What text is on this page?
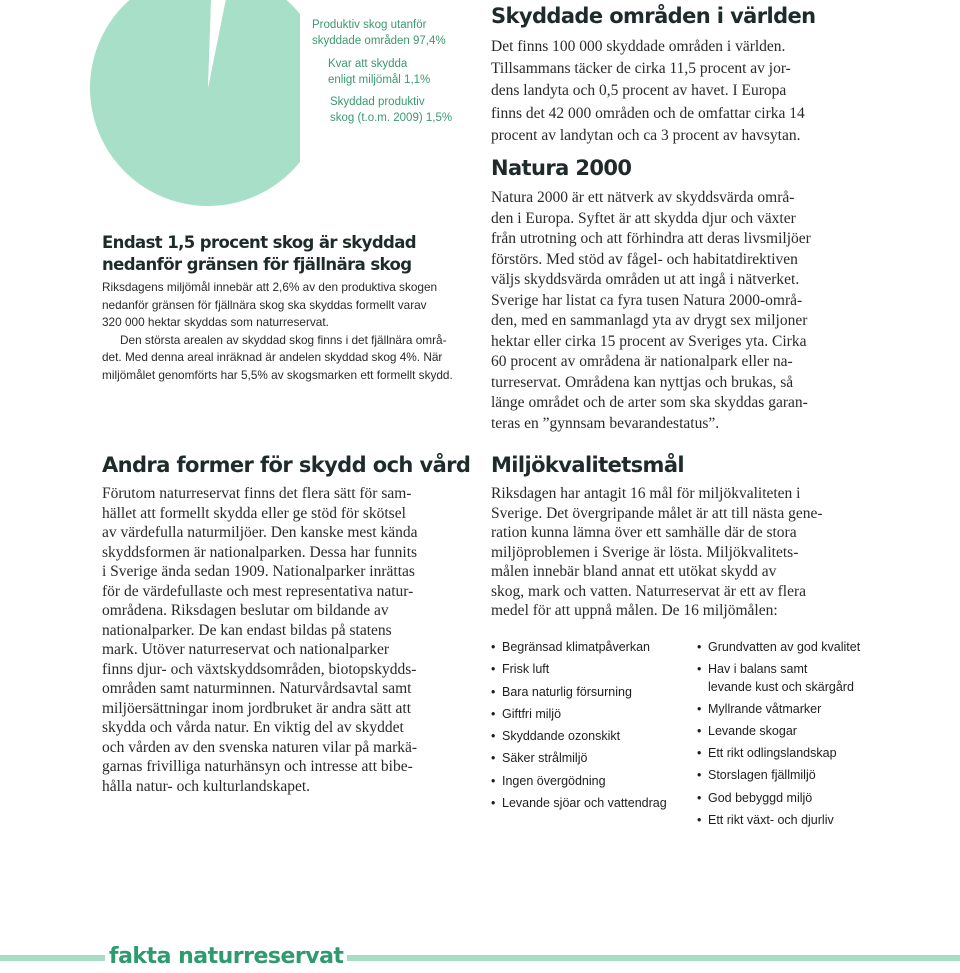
Produktiv skog utanför
skyddade områden 97,4%
Kvar att skydda
enligt miljömål 1,1%
Skyddad produktiv
skog (t.o.m. 2009) 1,5%
Skyddade områden i världen
Det finns 100 000 skyddade områden i världen.
Tillsammans täcker de cirka 11,5 procent av jor-
dens landyta och 0,5 procent av havet. I Europa
finns det 42 000 områden och de omfattar cirka 14
procent av landytan och ca 3 procent av havsytan.
Natura 2000
Natura 2000 är ett nätverk av skyddsvärda områ-
den i Europa. Syftet är att skydda djur och växter
från utrotning och att förhindra att deras livsmiljöer
förstörs. Med stöd av fågel- och habitatdirektiven
väljs skyddsvärda områden ut att ingå i nätverket.
Sverige har listat ca fyra tusen Natura 2000-områ-
den, med en sammanlagd yta av drygt sex miljoner
hektar eller cirka 15 procent av Sveriges yta. Cirka
60 procent av områdena är nationalpark eller na-
turreservat. Områdena kan nyttjas och brukas, så
länge området och de arter som ska skyddas garan-
teras en ”gynnsam bevarandestatus”.
Endast 1,5 procent skog är skyddad
nedanför gränsen för fjällnära skog
Riksdagens miljömål innebär att 2,6% av den produktiva skogen
nedanför gränsen för fjällnära skog ska skyddas formellt varav
320 000 hektar skyddas som naturreservat.
Den största arealen av skyddad skog finns i det fjällnära områ-
det. Med denna areal inräknad är andelen skyddad skog 4%. När
miljömålet genomförts har 5,5% av skogsmarken ett formellt skydd.
Andra former för skydd och vård
Förutom naturreservat finns det flera sätt för sam-
hället att formellt skydda eller ge stöd för skötsel
av värdefulla naturmiljöer. Den kanske mest kända
skyddsformen är nationalparken. Dessa har funnits
i Sverige ända sedan 1909. Nationalparker inrättas
för de värdefullaste och mest representativa natur-
områdena. Riksdagen beslutar om bildande av
nationalparker. De kan endast bildas på statens
mark. Utöver naturreservat och nationalparker
finns djur- och växtskyddsområden, biotopskydds-
områden samt naturminnen. Naturvårdsavtal samt
miljöersättningar inom jordbruket är andra sätt att
skydda och vårda natur. En viktig del av skyddet
och vården av den svenska naturen vilar på markä-
garnas frivilliga naturhänsyn och intresse att bibe-
hålla natur- och kulturlandskapet.
Miljökvalitetsmål
Riksdagen har antagit 16 mål för miljökvaliteten i
Sverige. Det övergripande målet är att till nästa gene-
ration kunna lämna över ett samhälle där de stora
miljöproblemen i Sverige är lösta. Miljökvalitets-
målen innebär bland annat ett utökat skydd av
skog, mark och vatten. Naturreservat är ett av flera
medel för att uppnå målen. De 16 miljömålen:
• Begränsad klimatpåverkan
• Frisk luft
• Bara naturlig försurning
• Giftfri miljö
• Skyddande ozonskikt
• Säker strålmiljö
• Ingen övergödning
• Levande sjöar och vattendrag
• Grundvatten av god kvalitet
• Hav i balans samt
levande kust och skärgård
• Myllrande våtmarker
• Levande skogar
• Ett rikt odlingslandskap
• Storslagen fjällmiljö
• God bebyggd miljö
• Ett rikt växt- och djurliv
fakta naturreservat
